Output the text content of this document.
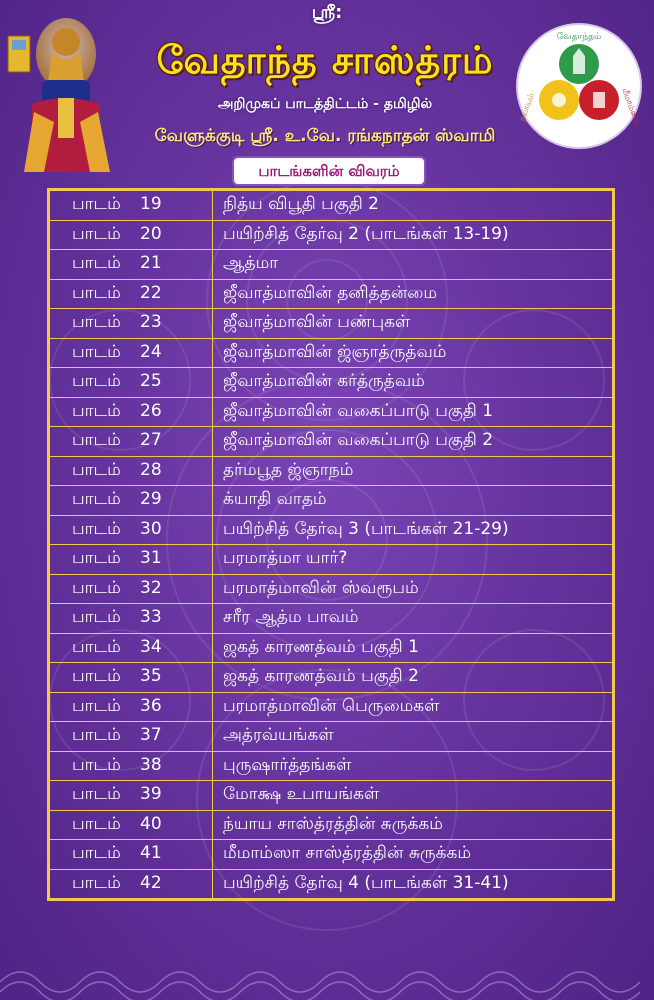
வேதாந்தம்
ந்யாயம்	மீமாம்ஸை
ஸ்ரீ:
வேதாந்த சாஸ்த்ரம்
அறிமுகப் பாடத்திட்டம் - தமிழில்
வேளுக்குடி ஸ்ரீ. உ.வே. ரங்கநாதன் ஸ்வாமி
பாடங்களின் விவரம்
பாடம் 19	நித்ய விபூதி பகுதி 2
பாடம் 20	பயிற்சித் தேர்வு 2 (பாடங்கள் 13-19)
பாடம் 21	ஆத்மா
பாடம் 22	ஜீவாத்மாவின் தனித்தன்மை
பாடம் 23	ஜீவாத்மாவின் பண்புகள்
பாடம் 24	ஜீவாத்மாவின் ஜ்ஞாத்ருத்வம்
பாடம் 25	ஜீவாத்மாவின் கர்த்ருத்வம்
பாடம் 26	ஜீவாத்மாவின் வகைப்பாடு பகுதி 1
பாடம் 27	ஜீவாத்மாவின் வகைப்பாடு பகுதி 2
பாடம் 28	தர்மபூத ஜ்ஞாநம்
பாடம் 29	க்யாதி வாதம்
பாடம் 30	பயிற்சித் தேர்வு 3 (பாடங்கள் 21-29)
பாடம் 31	பரமாத்மா யார்?
பாடம் 32	பரமாத்மாவின் ஸ்வரூபம்
பாடம் 33	சரீர ஆத்ம பாவம்
பாடம் 34	ஜகத் காரணத்வம் பகுதி 1
பாடம் 35	ஜகத் காரணத்வம் பகுதி 2
பாடம் 36	பரமாத்மாவின் பெருமைகள்
பாடம் 37	அத்ரவ்யங்கள்
பாடம் 38	புருஷார்த்தங்கள்
பாடம் 39	மோக்ஷ உபாயங்கள்
பாடம் 40	ந்யாய சாஸ்த்ரத்தின் சுருக்கம்
பாடம் 41	மீமாம்ஸா சாஸ்த்ரத்தின் சுருக்கம்
பாடம் 42	பயிற்சித் தேர்வு 4 (பாடங்கள் 31-41)
